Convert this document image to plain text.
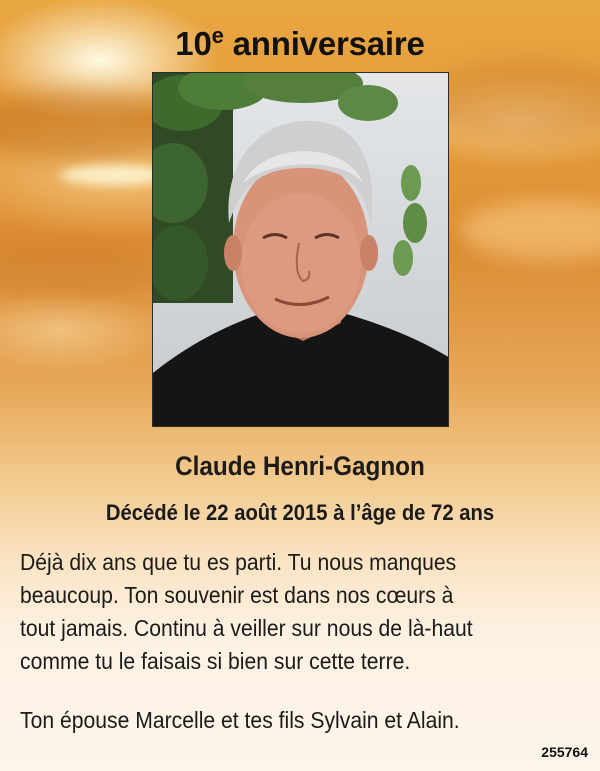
10e anniversaire
Claude Henri-Gagnon
Décédé le 22 août 2015 à l’âge de 72 ans
Déjà dix ans que tu es parti. Tu nous manques
beaucoup. Ton souvenir est dans nos cœurs à
tout jamais. Continu à veiller sur nous de là-haut
comme tu le faisais si bien sur cette terre.
Ton épouse Marcelle et tes fils Sylvain et Alain.
255764
